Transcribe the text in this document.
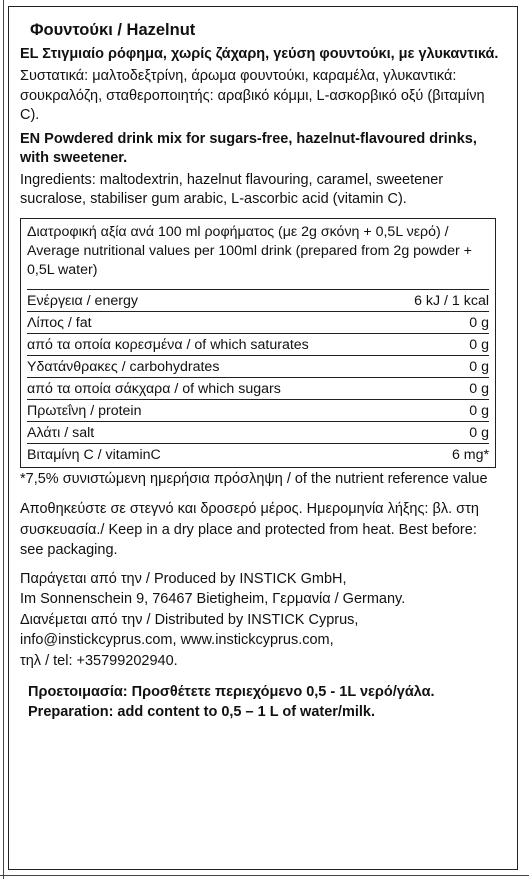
Φουντούκι / Hazelnut
EL Στιγμιαίο ρόφημα, χωρίς ζάχαρη, γεύση φουντούκι, με γλυκαντικά.
Συστατικά: μαλτοδεξτρίνη, άρωμα φουντούκι, καραμέλα, γλυκαντικά: σουκραλόζη, σταθεροποιητής: αραβικό κόμμι, L-ασκορβικό οξύ (βιταμίνη C).
EN Powdered drink mix for sugars-free, hazelnut-flavoured drinks, with sweetener.
Ingredients: maltodextrin, hazelnut flavouring, caramel, sweetener sucralose, stabiliser gum arabic, L-ascorbic acid (vitamin C).
Διατροφική αξία ανά 100 ml ροφήματος (με 2g σκόνη + 0,5L νερό) / Average nutritional values per 100ml drink (prepared from 2g powder + 0,5L water)
Ενέργεια / energy	6 kJ / 1 kcal
Λίπος / fat	0 g
από τα οποία κορεσμένα / of which saturates	0 g
Υδατάνθρακες / carbohydrates	0 g
από τα οποία σάκχαρα / of which sugars	0 g
Πρωτεΐνη / protein	0 g
Αλάτι / salt	0 g
Βιταμίνη C / vitaminC	6 mg*
*7,5% συνιστώμενη ημερήσια πρόσληψη / of the nutrient reference value
Αποθηκεύστε σε στεγνό και δροσερό μέρος. Ημερομηνία λήξης: βλ. στη συσκευασία./ Keep in a dry place and protected from heat. Best before: see packaging.
Παράγεται από την / Produced by INSTICK GmbH,
Im Sonnenschein 9, 76467 Bietigheim, Γερμανία / Germany.
Διανέμεται από την / Distributed by INSTICK Cyprus,
info@instickcyprus.com, www.instickcyprus.com,
τηλ / tel: +35799202940.
Προετοιμασία: Προσθέτετε περιεχόμενο 0,5 - 1L νερό/γάλα.
Preparation: add content to 0,5 – 1 L of water/milk.
